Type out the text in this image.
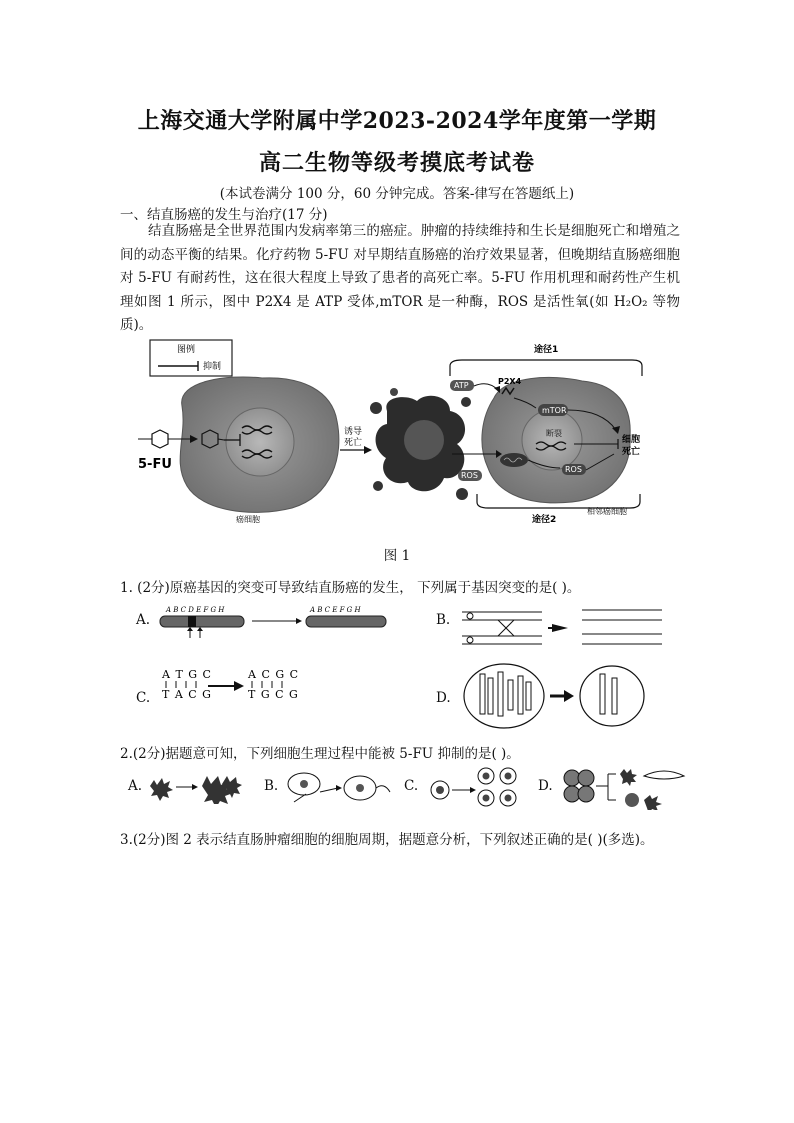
上海交通大学附属中学2023-2024学年度第一学期
高二生物等级考摸底考试卷
(本试卷满分 100 分，60 分钟完成。答案-律写在答题纸上)
一、结直肠癌的发生与治疗(17 分)

结直肠癌是全世界范围内发病率第三的癌症。肿瘤的持续维持和生长是细胞死亡和增殖之间的动态平衡的结果。化疗药物 5-FU 对早期结直肠癌的治疗效果显著，但晚期结直肠癌细胞对 5-FU 有耐药性，这在很大程度上导致了患者的高死亡率。5-FU 作用机理和耐药性产生机理如图 1 所示，图中 P2X4 是 ATP 受体,mTOR 是一种酶，ROS 是活性氧(如 H₂O₂ 等物质)。

图例
抑制
5-FU
癌细胞
诱导
死亡
途径1
途径2
断裂
mTOR
ROS
P2X4
细胞
死亡
相邻癌细胞
ATP
ROS
图 1
1. (2分)原癌基因的突变可导致结直肠癌的发生， 下列属于基因突变的是( )。
A.
A B C D E F G H	A B C E F G H
B.
C.
A T G C
T A C G
A C G C
T G C G	D.
2.(2分)据题意可知，下列细胞生理过程中能被 5-FU 抑制的是( )。
A.	B.	C.	D.
3.(2分)图 2 表示结直肠肿瘤细胞的细胞周期，据题意分析，下列叙述正确的是( )(多选)。
